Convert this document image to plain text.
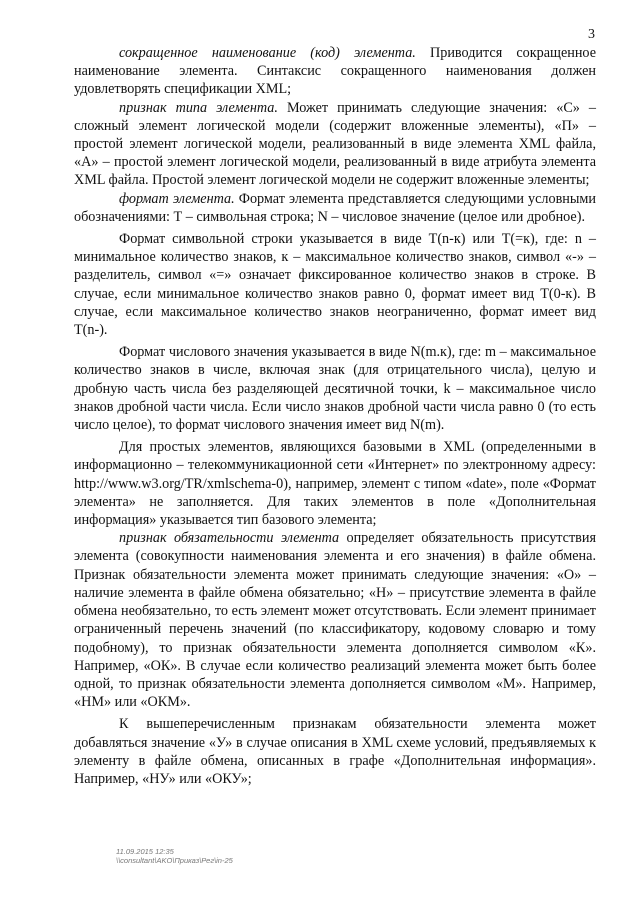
3

сокращенное наименование (код) элемента. Приводится сокращенное наименование элемента. Синтаксис сокращенного наименования должен удовлетворять спецификации XML;

признак типа элемента. Может принимать следующие значения: «С» – сложный элемент логической модели (содержит вложенные элементы), «П» – простой элемент логической модели, реализованный в виде элемента XML файла, «А» – простой элемент логической модели, реализованный в виде атрибута элемента XML файла. Простой элемент логической модели не содержит вложенные элементы;

формат элемента. Формат элемента представляется следующими условными обозначениями: Т – символьная строка; N – числовое значение (целое или дробное).

Формат символьной строки указывается в виде Т(n-к) или Т(=к), где: n – минимальное количество знаков, к – максимальное количество знаков, символ «-» – разделитель, символ «=» означает фиксированное количество знаков в строке. В случае, если минимальное количество знаков равно 0, формат имеет вид Т(0-к). В случае, если максимальное количество знаков неограниченно, формат имеет вид Т(n-).

Формат числового значения указывается в виде N(m.к), где: m – максимальное количество знаков в числе, включая знак (для отрицательного числа), целую и дробную часть числа без разделяющей десятичной точки, k – максимальное число знаков дробной части числа. Если число знаков дробной части числа равно 0 (то есть число целое), то формат числового значения имеет вид N(m).

Для простых элементов, являющихся базовыми в XML (определенными в информационно – телекоммуникационной сети «Интернет» по электронному адресу: http://www.w3.org/TR/xmlschema-0), например, элемент с типом «date», поле «Формат элемента» не заполняется. Для таких элементов в поле «Дополнительная информация» указывается тип базового элемента;

признак обязательности элемента определяет обязательность присутствия элемента (совокупности наименования элемента и его значения) в файле обмена. Признак обязательности элемента может принимать следующие значения: «О» – наличие элемента в файле обмена обязательно; «Н» – присутствие элемента в файле обмена необязательно, то есть элемент может отсутствовать. Если элемент принимает ограниченный перечень значений (по классификатору, кодовому словарю и тому подобному), то признак обязательности элемента дополняется символом «К». Например, «ОК». В случае если количество реализаций элемента может быть более одной, то признак обязательности элемента дополняется символом «М». Например, «НМ» или «ОКМ».

К вышеперечисленным признакам обязательности элемента может добавляться значение «У» в случае описания в XML схеме условий, предъявляемых к элементу в файле обмена, описанных в графе «Дополнительная информация». Например, «НУ» или «ОКУ»;

11.09.2015 12:35
\\consultant\AKO\Приказ\Рег\in-25
